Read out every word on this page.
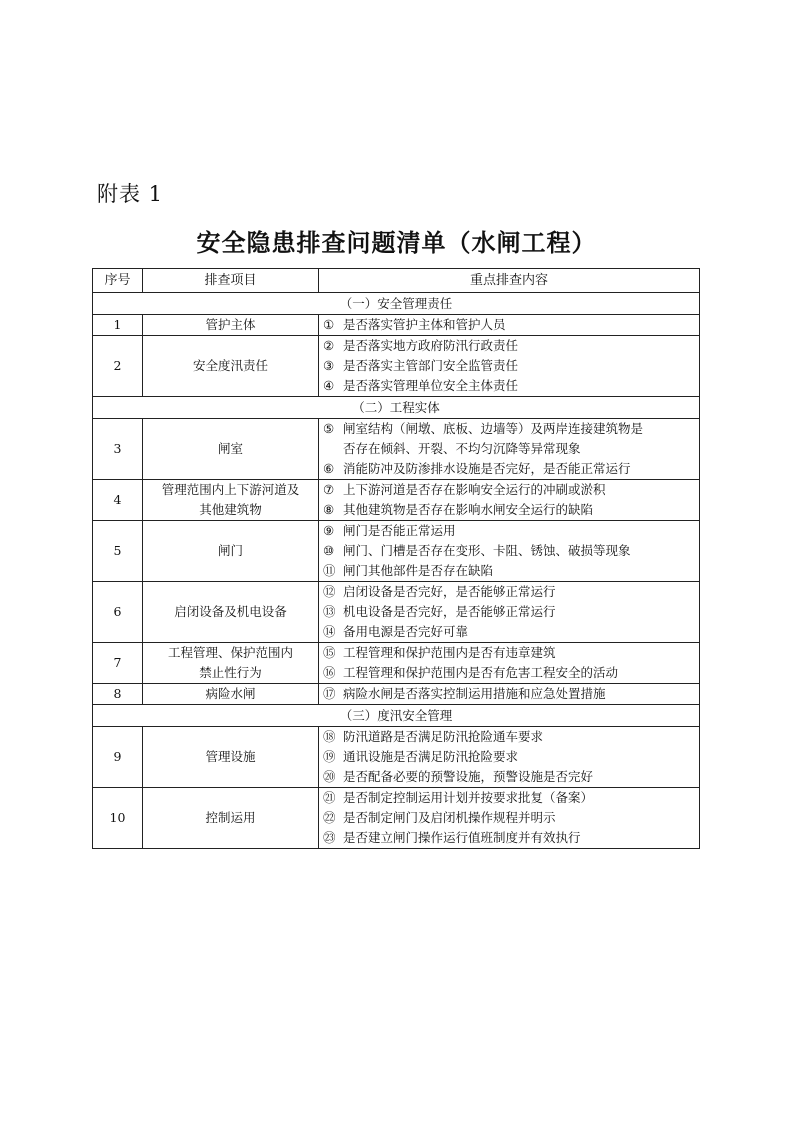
附表 1
安全隐患排查问题清单（水闸工程）
序号	排查项目	重点排查内容
（一）安全管理责任		
1	管护主体	① 是否落实管护主体和管护人员

2	安全度汛责任	② 是否落实地方政府防汛行政责任
③ 是否落实主管部门安全监管责任
④ 是否落实管理单位安全主体责任

（二）工程实体		
3	闸室	⑤ 闸室结构（闸墩、底板、边墙等）及两岸连接建筑物是
否存在倾斜、开裂、不均匀沉降等异常现象
⑥ 消能防冲及防渗排水设施是否完好，是否能正常运行

4	管理范围内上下游河道及
其他建筑物	⑦ 上下游河道是否存在影响安全运行的冲刷或淤积
⑧ 其他建筑物是否存在影响水闸安全运行的缺陷

5	闸门	⑨ 闸门是否能正常运用
⑩ 闸门、门槽是否存在变形、卡阻、锈蚀、破损等现象
⑪ 闸门其他部件是否存在缺陷

6	启闭设备及机电设备	⑫ 启闭设备是否完好，是否能够正常运行
⑬ 机电设备是否完好，是否能够正常运行
⑭ 备用电源是否完好可靠

7	工程管理、保护范围内
禁止性行为	⑮ 工程管理和保护范围内是否有违章建筑
⑯ 工程管理和保护范围内是否有危害工程安全的活动

8	病险水闸	⑰ 病险水闸是否落实控制运用措施和应急处置措施

（三）度汛安全管理		
9	管理设施	⑱ 防汛道路是否满足防汛抢险通车要求
⑲ 通讯设施是否满足防汛抢险要求
⑳ 是否配备必要的预警设施，预警设施是否完好

10	控制运用	㉑ 是否制定控制运用计划并按要求批复（备案）
㉒ 是否制定闸门及启闭机操作规程并明示
㉓ 是否建立闸门操作运行值班制度并有效执行
